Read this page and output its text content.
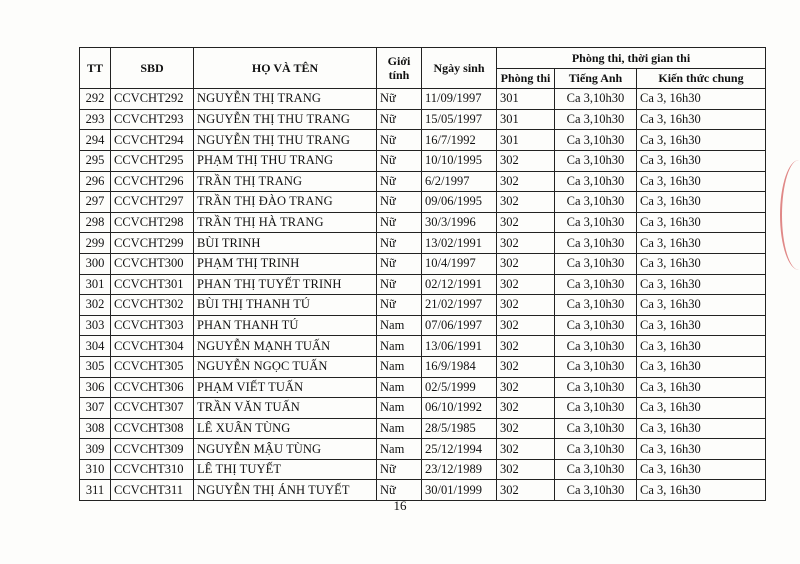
TT	SBD	HỌ VÀ TÊN	Giới tính	Ngày sinh	Phòng thi, thời gian thi		
					Phòng thi	Tiếng Anh	Kiến thức chung
292	CCVCHT292	NGUYỄN THỊ TRANG	Nữ	11/09/1997	301	Ca 3,10h30	Ca 3, 16h30
293	CCVCHT293	NGUYỄN THỊ THU TRANG	Nữ	15/05/1997	301	Ca 3,10h30	Ca 3, 16h30
294	CCVCHT294	NGUYỄN THỊ THU TRANG	Nữ	16/7/1992	301	Ca 3,10h30	Ca 3, 16h30
295	CCVCHT295	PHẠM THỊ THU TRANG	Nữ	10/10/1995	302	Ca 3,10h30	Ca 3, 16h30
296	CCVCHT296	TRẦN THỊ TRANG	Nữ	6/2/1997	302	Ca 3,10h30	Ca 3, 16h30
297	CCVCHT297	TRẦN THỊ ĐÀO TRANG	Nữ	09/06/1995	302	Ca 3,10h30	Ca 3, 16h30
298	CCVCHT298	TRẦN THỊ HÀ TRANG	Nữ	30/3/1996	302	Ca 3,10h30	Ca 3, 16h30
299	CCVCHT299	BÙI TRINH	Nữ	13/02/1991	302	Ca 3,10h30	Ca 3, 16h30
300	CCVCHT300	PHẠM THỊ TRINH	Nữ	10/4/1997	302	Ca 3,10h30	Ca 3, 16h30
301	CCVCHT301	PHAN THỊ TUYẾT TRINH	Nữ	02/12/1991	302	Ca 3,10h30	Ca 3, 16h30
302	CCVCHT302	BÙI THỊ THANH TÚ	Nữ	21/02/1997	302	Ca 3,10h30	Ca 3, 16h30
303	CCVCHT303	PHAN THANH TÚ	Nam	07/06/1997	302	Ca 3,10h30	Ca 3, 16h30
304	CCVCHT304	NGUYỄN MẠNH TUẤN	Nam	13/06/1991	302	Ca 3,10h30	Ca 3, 16h30
305	CCVCHT305	NGUYỄN NGỌC TUẤN	Nam	16/9/1984	302	Ca 3,10h30	Ca 3, 16h30
306	CCVCHT306	PHẠM VIẾT TUẤN	Nam	02/5/1999	302	Ca 3,10h30	Ca 3, 16h30
307	CCVCHT307	TRẦN VĂN TUẤN	Nam	06/10/1992	302	Ca 3,10h30	Ca 3, 16h30
308	CCVCHT308	LÊ XUÂN TÙNG	Nam	28/5/1985	302	Ca 3,10h30	Ca 3, 16h30
309	CCVCHT309	NGUYỄN MẬU TÙNG	Nam	25/12/1994	302	Ca 3,10h30	Ca 3, 16h30
310	CCVCHT310	LÊ THỊ TUYẾT	Nữ	23/12/1989	302	Ca 3,10h30	Ca 3, 16h30
311	CCVCHT311	NGUYỄN THỊ ÁNH TUYẾT	Nữ	30/01/1999	302	Ca 3,10h30	Ca 3, 16h30
16
